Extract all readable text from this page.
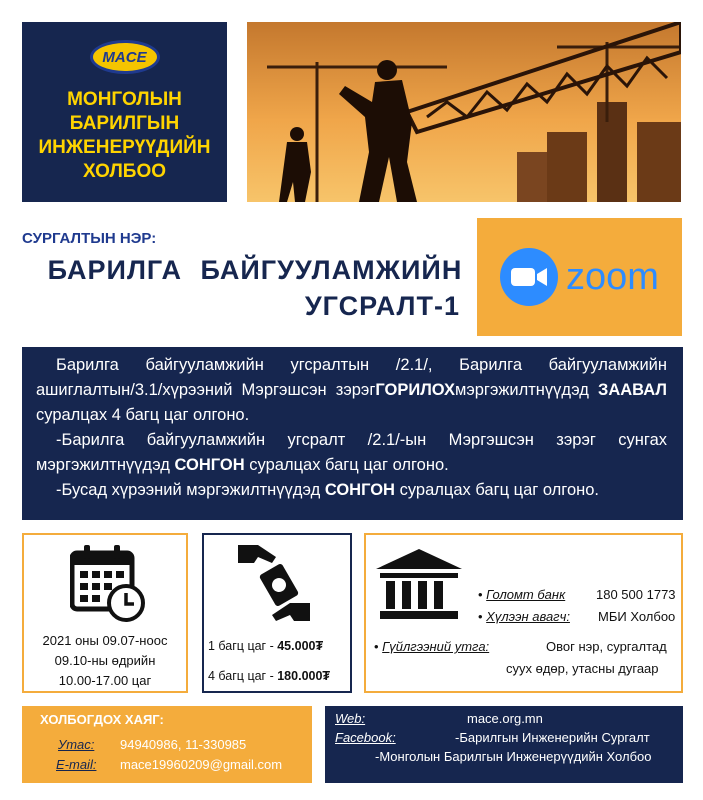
MACE
МОНГОЛЫН
БАРИЛГЫН
ИНЖЕНЕРҮҮДИЙН
ХОЛБОО
СУРГАЛТЫН НЭР:
БАРИЛГА БАЙГУУЛАМЖИЙН
УГСРАЛТ-1
zoom

Барилга байгууламжийн угсралтын /2.1/, Барилга байгууламжийн ашиглалтын/3.1/хүрээний Мэргэшсэн зэрэгГОРИЛОХмэргэжилтнүүдэд ЗААВАЛ суралцах 4 багц цаг олгоно.

-Барилга байгууламжийн угсралт /2.1/-ын Мэргэшсэн зэрэг сунгах мэргэжилтнүүдэд СОНГОН суралцах багц цаг олгоно.

-Бусад хүрээний мэргэжилтнүүдэд СОНГОН суралцах багц цаг олгоно.

2021 оны 09.07-ноос
09.10-ны өдрийн
10.00-17.00 цаг
1 багц цаг - 45.000₮
4 багц цаг - 180.000₮
• Голомт банк 180 500 1773
• Хүлээн авагч: МБИ Холбоо
• Гүйлгээний утга:	Овог нэр, сургалтад
суух өдөр, утасны дугаар
ХОЛБОГДОХ ХАЯГ:
Утас: 94940986, 11-330985
E-mail: mace19960209@gmail.com
Web:	mace.org.mn
Facebook:	-Барилгын Инженерийн Сургалт
-Монголын Барилгын Инженерүүдийн Холбоо
